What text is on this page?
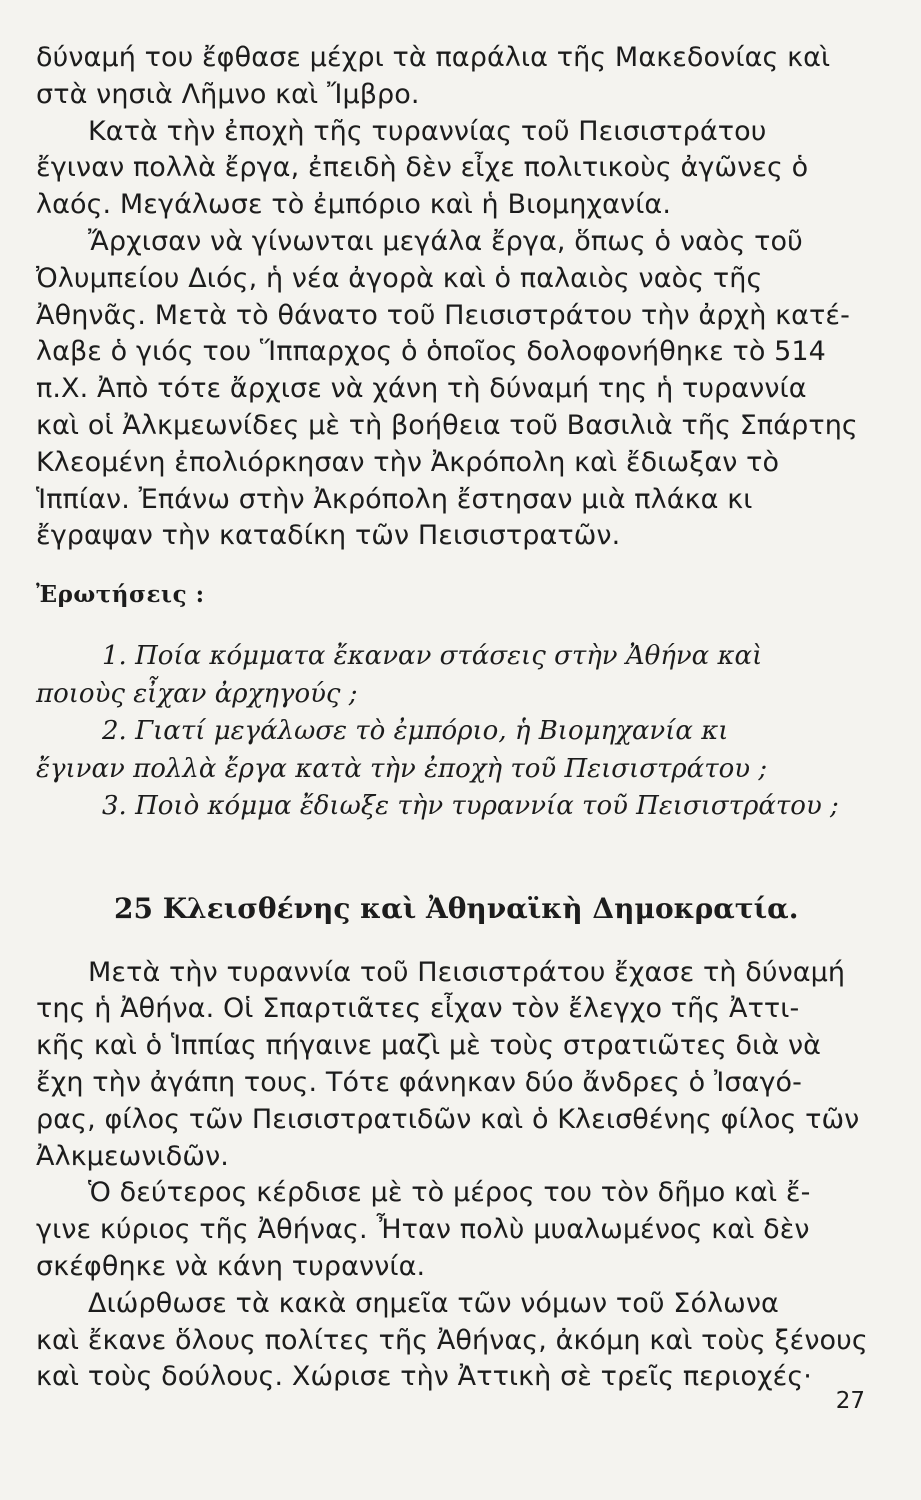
δύναμή του ἔφθασε μέχρι τὰ παράλια τῆς Μακεδονίας καὶ
στὰ νησιὰ Λῆμνο καὶ Ἴμβρο.
Κατὰ τὴν ἐποχὴ τῆς τυραννίας τοῦ Πεισιστράτου
ἔγιναν πολλὰ ἔργα, ἐπειδὴ δὲν εἶχε πολιτικοὺς ἀγῶνες ὁ
λαός. Μεγάλωσε τὸ ἐμπόριο καὶ ἡ Βιομηχανία.
Ἄρχισαν νὰ γίνωνται μεγάλα ἔργα, ὅπως ὁ ναὸς τοῦ
Ὀλυμπείου Διός, ἡ νέα ἀγορὰ καὶ ὁ παλαιὸς ναὸς τῆς
Ἀθηνᾶς. Μετὰ τὸ θάνατο τοῦ Πεισιστράτου τὴν ἀρχὴ κατέ-
λαβε ὁ γιός του Ἵππαρχος ὁ ὁποῖος δολοφονήθηκε τὸ 514
π.Χ. Ἀπὸ τότε ἄρχισε νὰ χάνη τὴ δύναμή της ἡ τυραννία
καὶ οἱ Ἀλκμεωνίδες μὲ τὴ βοήθεια τοῦ Βασιλιὰ τῆς Σπάρτης
Κλεομένη ἐπολιόρκησαν τὴν Ἀκρόπολη καὶ ἔδιωξαν τὸ
Ἱππίαν. Ἐπάνω στὴν Ἀκρόπολη ἔστησαν μιὰ πλάκα κι
ἔγραψαν τὴν καταδίκη τῶν Πεισιστρατῶν.
Ἐρωτήσεις :
1. Ποία κόμματα ἔκαναν στάσεις στὴν Ἀθήνα καὶ
ποιοὺς εἶχαν ἀρχηγούς ;
2. Γιατί μεγάλωσε τὸ ἐμπόριο, ἡ Βιομηχανία κι
ἔγιναν πολλὰ ἔργα κατὰ τὴν ἐποχὴ τοῦ Πεισιστράτου ;
3. Ποιὸ κόμμα ἔδιωξε τὴν τυραννία τοῦ Πεισιστράτου ;
25 Κλεισθένης καὶ Ἀθηναϊκὴ Δημοκρατία.
Μετὰ τὴν τυραννία τοῦ Πεισιστράτου ἔχασε τὴ δύναμή
της ἡ Ἀθήνα. Οἱ Σπαρτιᾶτες εἶχαν τὸν ἔλεγχο τῆς Ἀττι-
κῆς καὶ ὁ Ἱππίας πήγαινε μαζὶ μὲ τοὺς στρατιῶτες διὰ νὰ
ἔχη τὴν ἀγάπη τους. Τότε φάνηκαν δύο ἄνδρες ὁ Ἰσαγό-
ρας, φίλος τῶν Πεισιστρατιδῶν καὶ ὁ Κλεισθένης φίλος τῶν
Ἀλκμεωνιδῶν.
Ὁ δεύτερος κέρδισε μὲ τὸ μέρος του τὸν δῆμο καὶ ἔ-
γινε κύριος τῆς Ἀθήνας. Ἦταν πολὺ μυαλωμένος καὶ δὲν
σκέφθηκε νὰ κάνη τυραννία.
Διώρθωσε τὰ κακὰ σημεῖα τῶν νόμων τοῦ Σόλωνα
καὶ ἔκανε ὅλους πολίτες τῆς Ἀθήνας, ἀκόμη καὶ τοὺς ξένους
καὶ τοὺς δούλους. Χώρισε τὴν Ἀττικὴ σὲ τρεῖς περιοχές·
27
